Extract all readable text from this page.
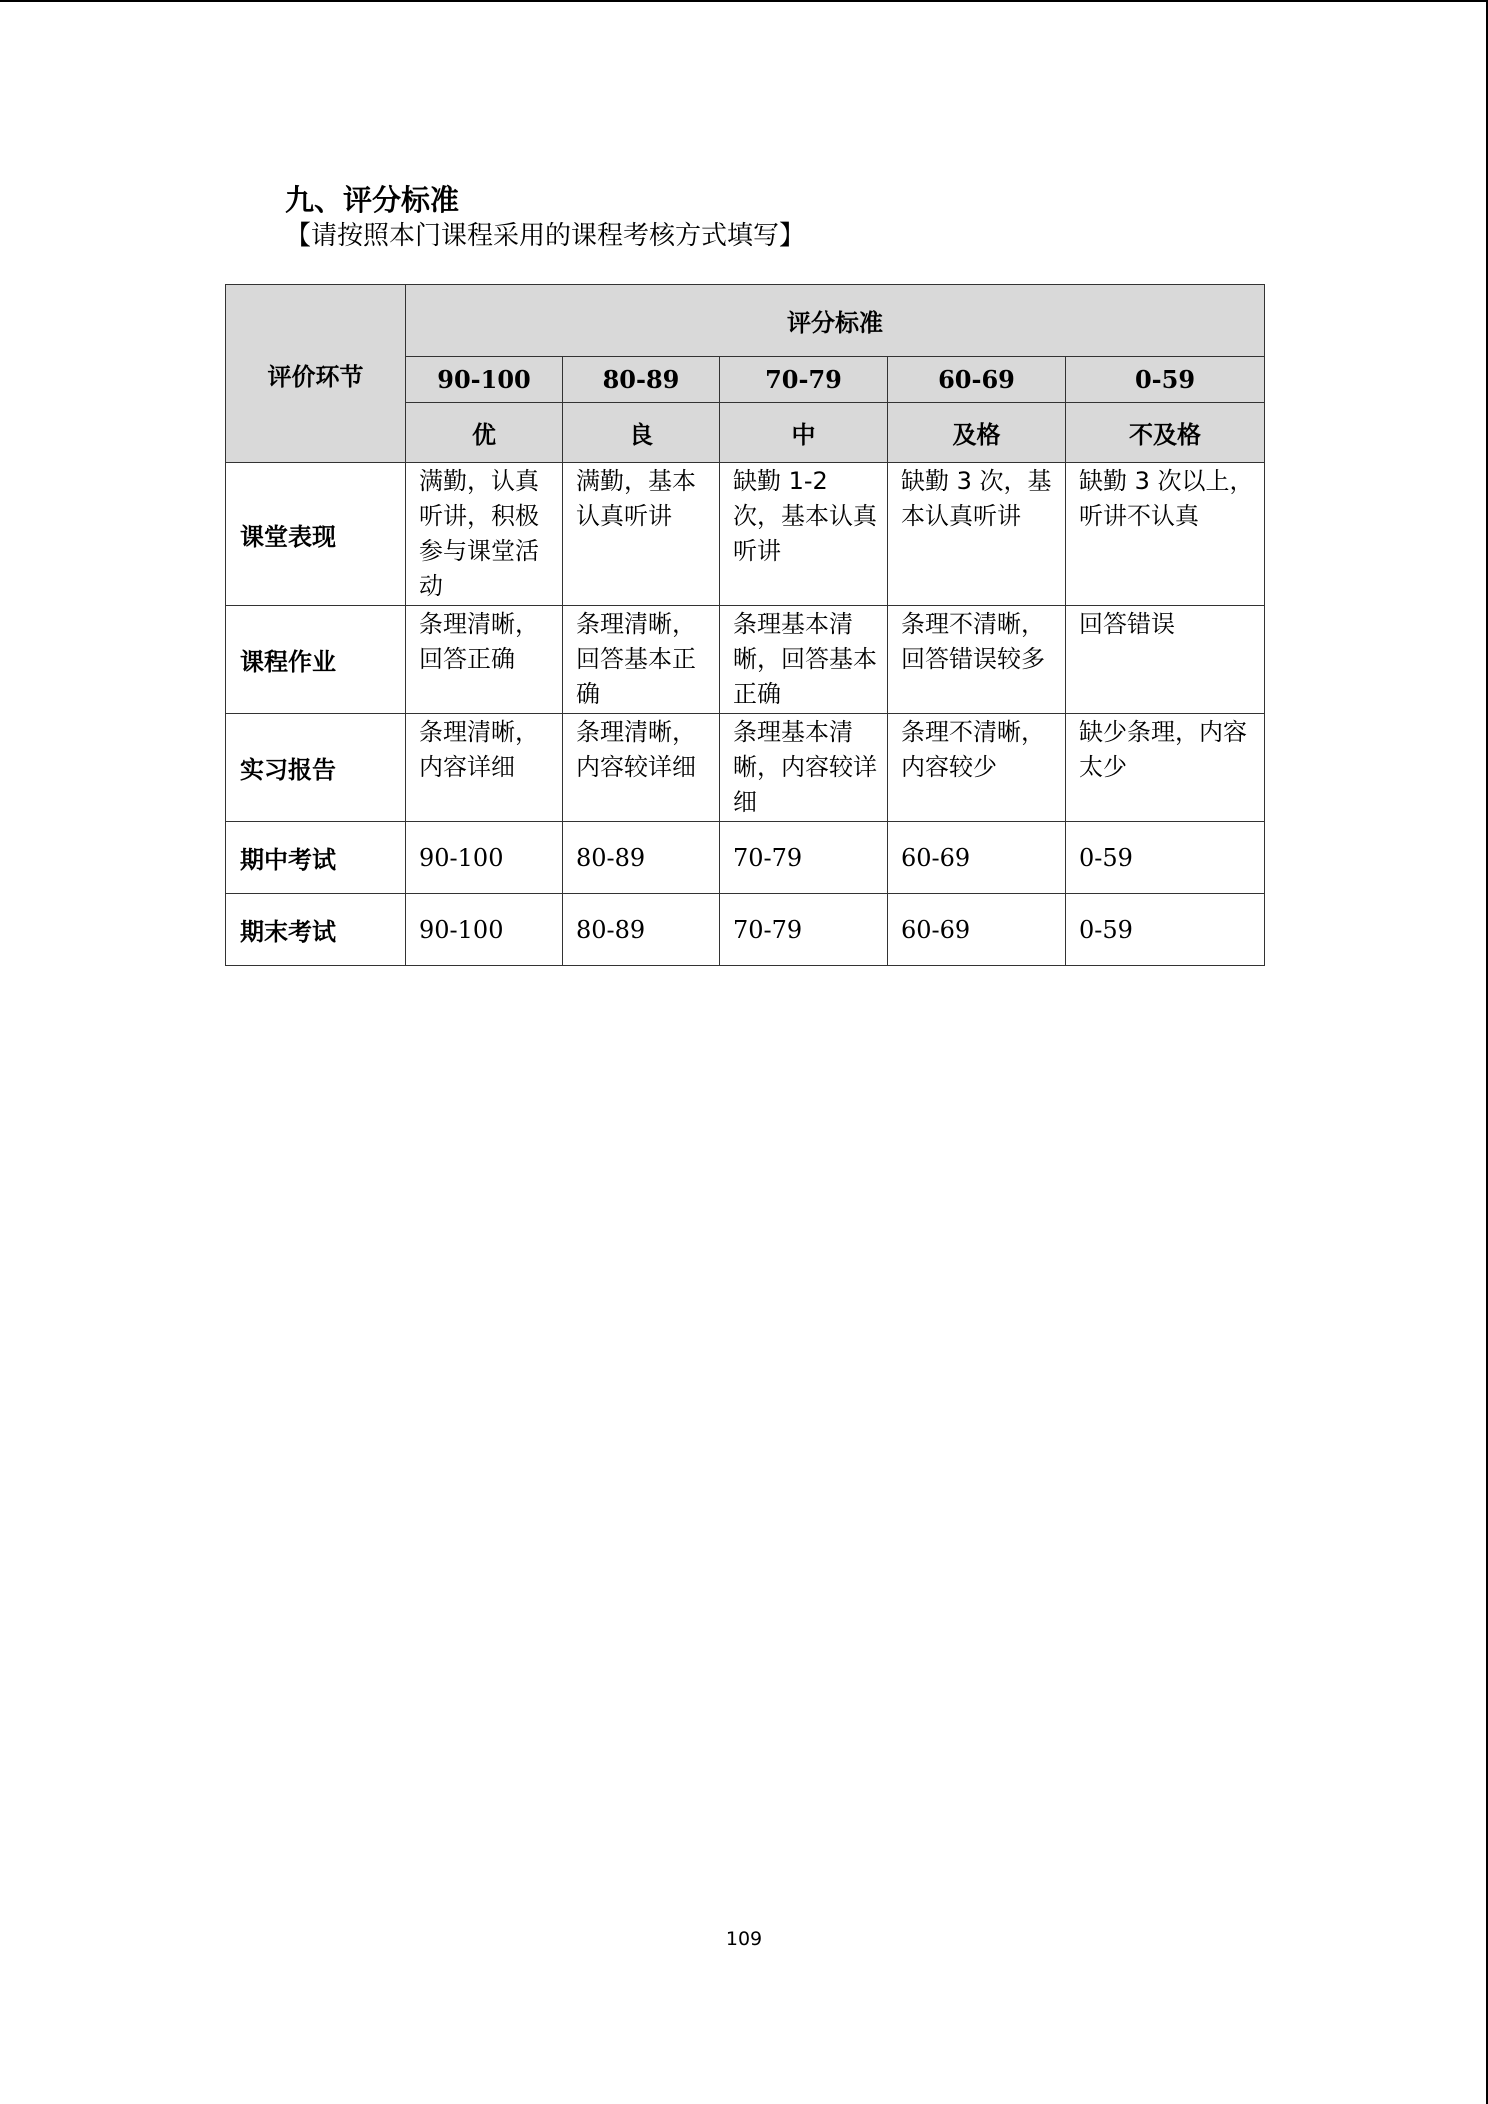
九、评分标准
【请按照本门课程采用的课程考核方式填写】
评价环节	评分标准				
	90-100	80-89	70-79	60-69	0-59
	优	良	中	及格	不及格
课堂表现	满勤，认真听讲，积极参与课堂活动	满勤，基本认真听讲	缺勤 1-2 次，基本认真听讲	缺勤 3 次，基本认真听讲	缺勤 3 次以上，听讲不认真
课程作业	条理清晰，回答正确	条理清晰，回答基本正确	条理基本清晰，回答基本正确	条理不清晰，回答错误较多	回答错误
实习报告	条理清晰，内容详细	条理清晰，内容较详细	条理基本清晰，内容较详细	条理不清晰，内容较少	缺少条理，内容太少
期中考试	90-100	80-89	70-79	60-69	0-59
期末考试	90-100	80-89	70-79	60-69	0-59
109
